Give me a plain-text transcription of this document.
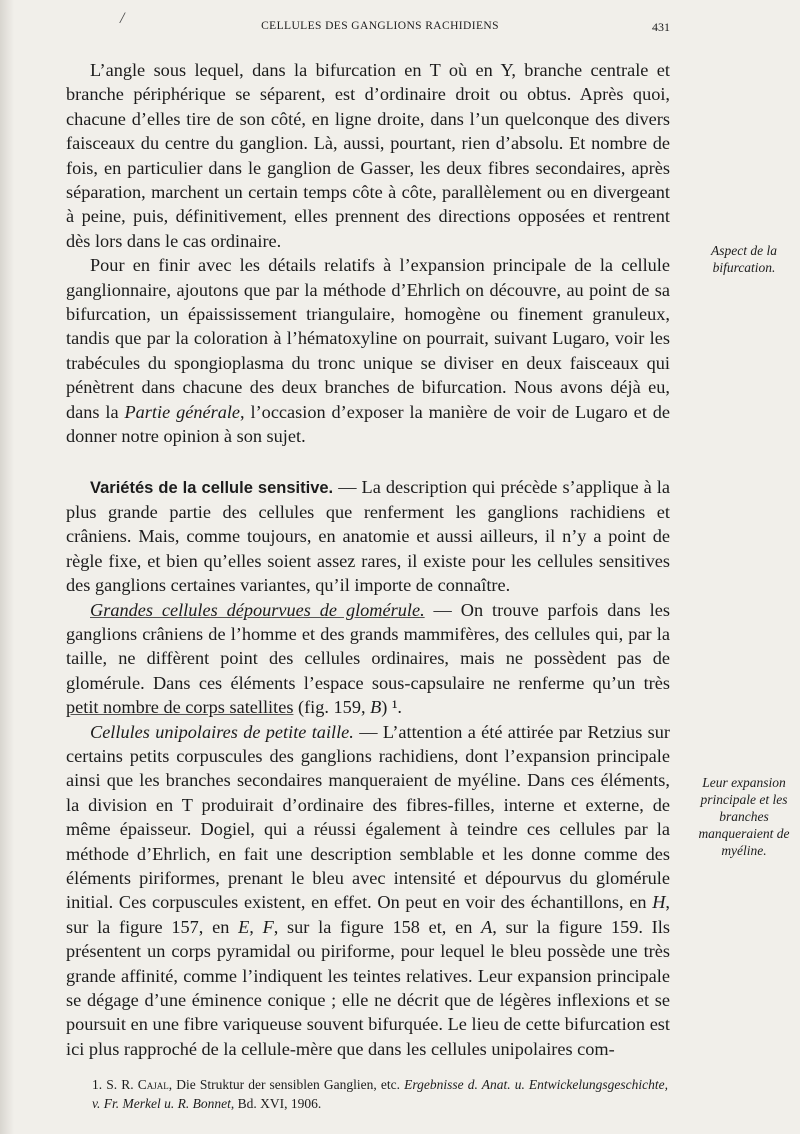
/	CELLULES DES GANGLIONS RACHIDIENS	431

L’angle sous lequel, dans la bifurcation en T où en Y, branche centrale et branche périphérique se séparent, est d’ordinaire droit ou obtus. Après quoi, chacune d’elles tire de son côté, en ligne droite, dans l’un quelconque des divers faisceaux du centre du ganglion. Là, aussi, pourtant, rien d’absolu. Et nombre de fois, en particulier dans le ganglion de Gasser, les deux fibres secondaires, après séparation, marchent un certain temps côte à côte, parallèlement ou en divergeant à peine, puis, définitivement, elles prennent des directions opposées et rentrent dès lors dans le cas ordinaire.

Pour en finir avec les détails relatifs à l’expansion principale de la cellule ganglionnaire, ajoutons que par la méthode d’Ehrlich on découvre, au point de sa bifurcation, un épaississement triangulaire, homogène ou finement granuleux, tandis que par la coloration à l’hématoxyline on pourrait, suivant Lugaro, voir les trabécules du spongioplasma du tronc unique se diviser en deux faisceaux qui pénètrent dans chacune des deux branches de bifurcation. Nous avons déjà eu, dans la Partie générale, l’occasion d’exposer la manière de voir de Lugaro et de donner notre opinion à son sujet.

Variétés de la cellule sensitive. — La description qui précède s’applique à la plus grande partie des cellules que renferment les ganglions rachidiens et crâniens. Mais, comme toujours, en anatomie et aussi ailleurs, il n’y a point de règle fixe, et bien qu’elles soient assez rares, il existe pour les cellules sensitives des ganglions certaines variantes, qu’il importe de connaître.

Grandes cellules dépourvues de glomérule. — On trouve parfois dans les ganglions crâniens de l’homme et des grands mammifères, des cellules qui, par la taille, ne diffèrent point des cellules ordinaires, mais ne possèdent pas de glomérule. Dans ces éléments l’espace sous-capsulaire ne renferme qu’un très petit nombre de corps satellites (fig. 159, B) ¹.

Cellules unipolaires de petite taille. — L’attention a été attirée par Retzius sur certains petits corpuscules des ganglions rachidiens, dont l’expansion principale ainsi que les branches secondaires manqueraient de myéline. Dans ces éléments, la division en T produirait d’ordinaire des fibres-filles, interne et externe, de même épaisseur. Dogiel, qui a réussi également à teindre ces cellules par la méthode d’Ehrlich, en fait une description semblable et les donne comme des éléments piriformes, prenant le bleu avec intensité et dépourvus du glomérule initial. Ces corpuscules existent, en effet. On peut en voir des échantillons, en H, sur la figure 157, en E, F, sur la figure 158 et, en A, sur la figure 159. Ils présentent un corps pyramidal ou piriforme, pour lequel le bleu possède une très grande affinité, comme l’indiquent les teintes relatives. Leur expansion principale se dégage d’une éminence conique ; elle ne décrit que de légères inflexions et se poursuit en une fibre variqueuse souvent bifurquée. Le lieu de cette bifurcation est ici plus rapproché de la cellule-mère que dans les cellules unipolaires com-

Aspect de la bifurcation.
Leur expansion principale et les branches manqueraient de myéline.
1. S. R. Cajal, Die Struktur der sensiblen Ganglien, etc. Ergebnisse d. Anat. u. Entwickelungsgeschichte, v. Fr. Merkel u. R. Bonnet, Bd. XVI, 1906.
